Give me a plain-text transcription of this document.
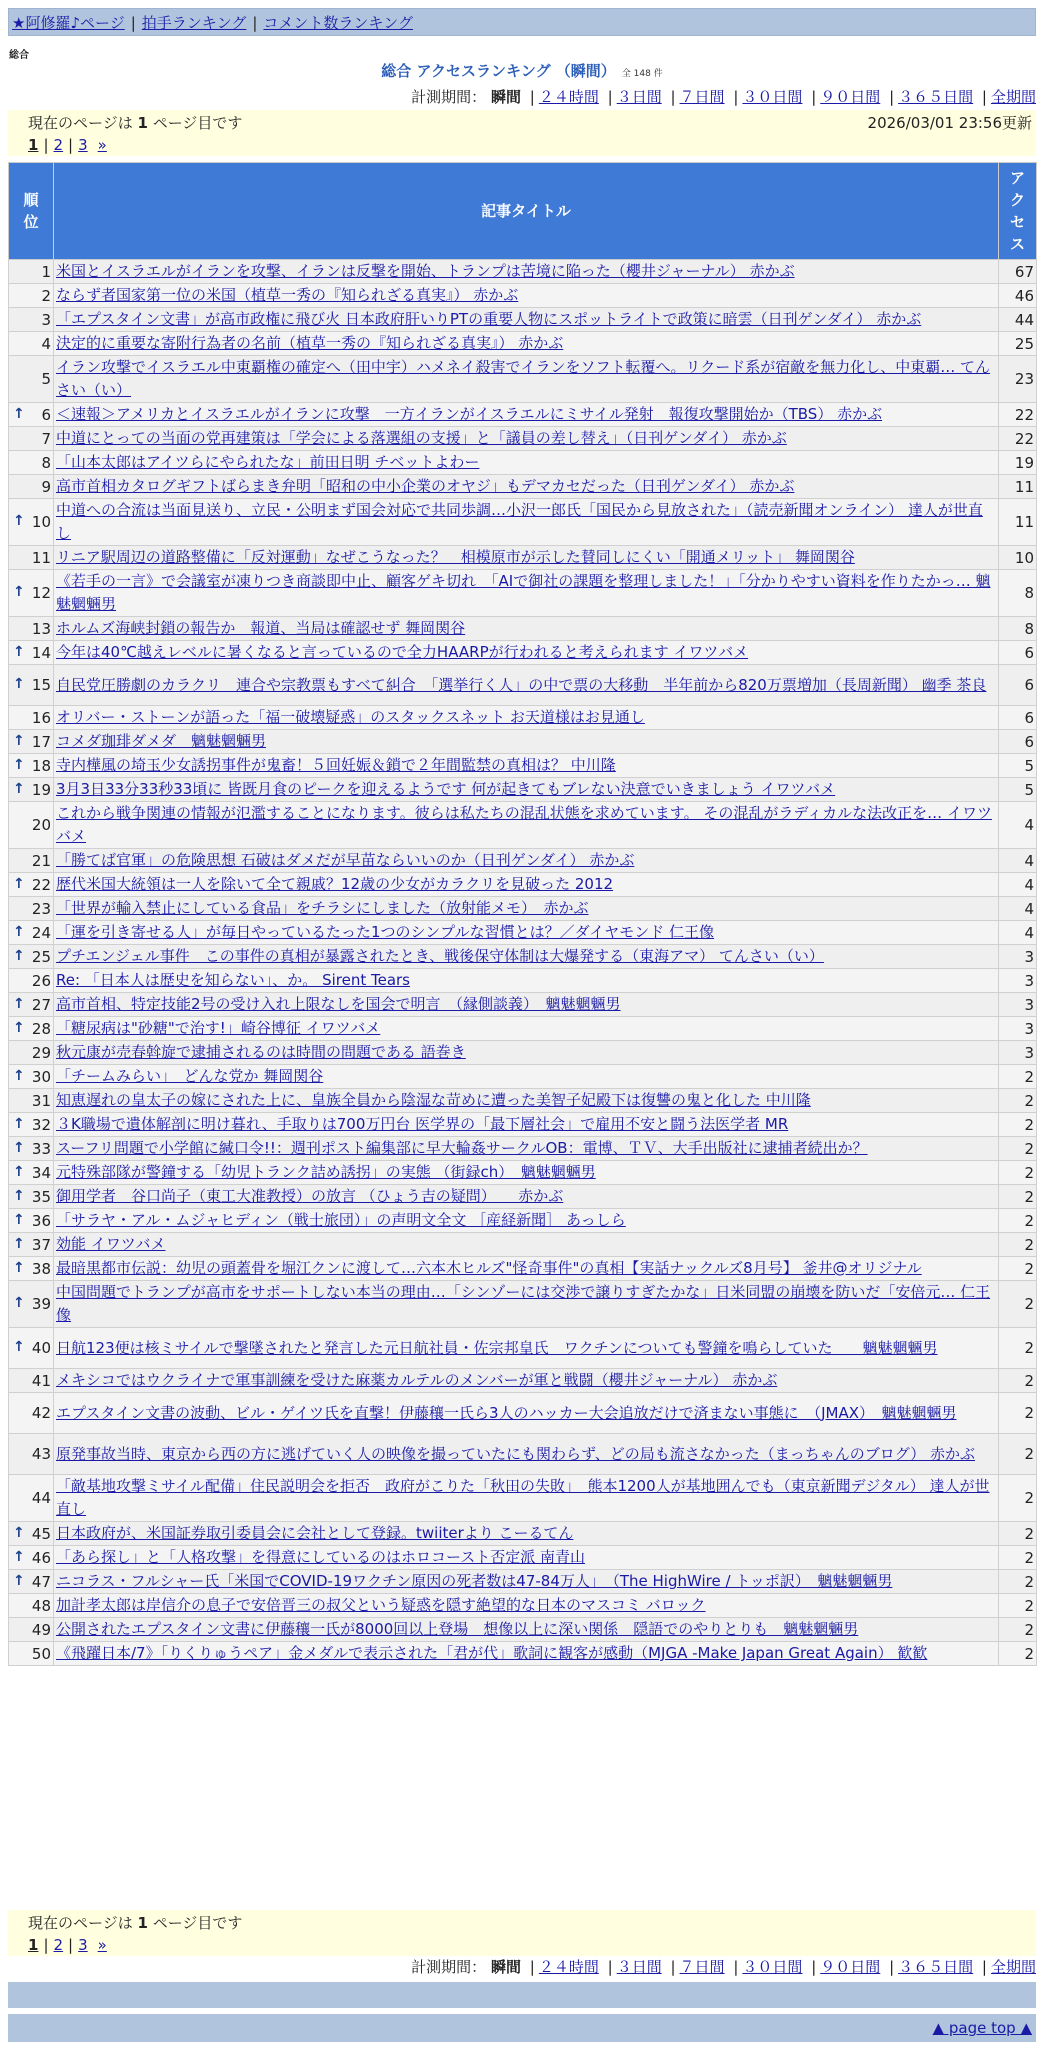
★阿修羅♪ページ | 拍手ランキング | コメント数ランキング
総合
総合 アクセスランキング （瞬間） 全 148 件
計測期間： 瞬間 | ２４時間 | ３日間 | ７日間 | ３０日間 | ９０日間 | ３６５日間 | 全期間
現在のページは 1 ページ目です	2026/03/01 23:56更新
1 | 2 | 3 »
順位	記事タイトル	アクセス
1	米国とイスラエルがイランを攻撃、イランは反撃を開始、トランプは苦境に陥った（櫻井ジャーナル） 赤かぶ	67
2	ならず者国家第一位の米国（植草一秀の『知られざる真実』） 赤かぶ	46
3	「エプスタイン文書」が高市政権に飛び火 日本政府肝いりPTの重要人物にスポットライトで政策に暗雲（日刊ゲンダイ） 赤かぶ	44
4	決定的に重要な寄附行為者の名前（植草一秀の『知られざる真実』） 赤かぶ	25
5	イラン攻撃でイスラエル中東覇権の確定へ（田中宇）ハメネイ殺害でイランをソフト転覆へ。リクード系が宿敵を無力化し、中東覇… てんさい（い）	23

↑ 6	＜速報＞アメリカとイスラエルがイランに攻撃　一方イランがイスラエルにミサイル発射　報復攻撃開始か（TBS） 赤かぶ	22
7	中道にとっての当面の党再建策は「学会による落選組の支援」と「議員の差し替え」（日刊ゲンダイ） 赤かぶ	22
8	「山本太郎はアイツらにやられたな」前田日明 チベットよわー	19
9	高市首相カタログギフトばらまき弁明「昭和の中小企業のオヤジ」もデマカセだった（日刊ゲンダイ） 赤かぶ	11

↑ 10	中道への合流は当面見送り、立民・公明まず国会対応で共同歩調…小沢一郎氏「国民から見放された」（読売新聞オンライン） 達人が世直し	11
11	リニア駅周辺の道路整備に「反対運動」なぜこうなった？　相模原市が示した賛同しにくい「開通メリット」 舞岡関谷	10

↑ 12	《若手の一言》で会議室が凍りつき商談即中止、顧客ゲキ切れ　「AIで御社の課題を整理しました！」「分かりやすい資料を作りたかっ… 魑魅魍魎男	8
13	ホルムズ海峡封鎖の報告か　報道、当局は確認せず 舞岡関谷	8

↑ 14	今年は40℃越えレベルに暑くなると言っているので全力HAARPが行われると考えられます イワツバメ	6

↑ 15	自民党圧勝劇のカラクリ　連合や宗教票もすべて糾合　「選挙行く人」の中で票の大移動　半年前から820万票増加（長周新聞） 幽季 茶良	6
16	オリバー・ストーンが語った「福一破壊疑惑」のスタックスネット お天道様はお見通し	6

↑ 17	コメダ珈琲ダメダ　魑魅魍魎男	6

↑ 18	寺内樺風の埼玉少女誘拐事件が鬼畜！５回妊娠＆鎖で２年間監禁の真相は？ 中川隆	5

↑ 19	3月3日33分33秒33頃に 皆既月食のピークを迎えるようです 何が起きてもブレない決意でいきましょう イワツバメ	5
20	これから戦争関連の情報が氾濫することになります。彼らは私たちの混乱状態を求めています。 その混乱がラディカルな法改正を… イワツバメ	4
21	「勝てば官軍」の危険思想 石破はダメだが早苗ならいいのか（日刊ゲンダイ） 赤かぶ	4

↑ 22	歴代米国大統領は一人を除いて全て親戚？12歳の少女がカラクリを見破った 2012	4
23	「世界が輸入禁止にしている食品」をチラシにしました（放射能メモ）　赤かぶ	4

↑ 24	「運を引き寄せる人」が毎日やっているたった1つのシンプルな習慣とは？／ダイヤモンド 仁王像	4

↑ 25	プチエンジェル事件　この事件の真相が暴露されたとき、戦後保守体制は大爆発する（東海アマ） てんさい（い）	3
26	Re: 「日本人は歴史を知らない」、か。 Sirent Tears	3

↑ 27	高市首相、特定技能2号の受け入れ上限なしを国会で明言　（縁側談義）　魑魅魍魎男	3

↑ 28	「糖尿病は"砂糖"で治す!」崎谷博征 イワツバメ	3
29	秋元康が売春斡旋で逮捕されるのは時間の問題である 語巻き	3

↑ 30	「チームみらい」　どんな党か 舞岡関谷	2
31	知恵遅れの皇太子の嫁にされた上に、皇族全員から陰湿な苛めに遭った美智子妃殿下は復讐の鬼と化した 中川隆	2

↑ 32	３K職場で遺体解剖に明け暮れ、手取りは700万円台 医学界の「最下層社会」で雇用不安と闘う法医学者 MR	2

↑ 33	スーフリ問題で小学館に緘口令!!：週刊ポスト編集部に早大輪姦サークルOB：電博、ＴＶ、大手出版社に逮捕者続出か？	2

↑ 34	元特殊部隊が警鐘する「幼児トランク詰め誘拐」の実態 （街録ch）　魑魅魍魎男	2

↑ 35	御用学者　谷口尚子（東工大准教授）の放言 （ひょう吉の疑問）　　赤かぶ	2

↑ 36	「サラヤ・アル・ムジャヒディン（戦士旅団）」の声明文全文 ［産経新聞］ あっしら	2

↑ 37	効能 イワツバメ	2

↑ 38	最暗黒都市伝説：幼児の頭蓋骨を堀江クンに渡して…六本木ヒルズ"怪奇事件"の真相【実話ナックルズ8月号】 釜井@オリジナル	2

↑ 39	中国問題でトランプが高市をサポートしない本当の理由…「シンゾーには交渉で譲りすぎたかな」日米同盟の崩壊を防いだ「安倍元… 仁王像	2

↑ 40	日航123便は核ミサイルで撃墜されたと発言した元日航社員・佐宗邦皇氏　ワクチンについても警鐘を鳴らしていた　　魑魅魍魎男	2
41	メキシコではウクライナで軍事訓練を受けた麻薬カルテルのメンバーが軍と戦闘（櫻井ジャーナル） 赤かぶ	2
42	エプスタイン文書の波動、ビル・ゲイツ氏を直撃！伊藤穰一氏ら3人のハッカー大会追放だけで済まない事態に　（JMAX）　魑魅魍魎男	2
43	原発事故当時、東京から西の方に逃げていく人の映像を撮っていたにも関わらず、どの局も流さなかった（まっちゃんのブログ） 赤かぶ	2
44	「敵基地攻撃ミサイル配備」住民説明会を拒否　政府がこりた「秋田の失敗」　熊本1200人が基地囲んでも（東京新聞デジタル） 達人が世直し	2

↑ 45	日本政府が、米国証券取引委員会に会社として登録。twiiterより こーるてん	2

↑ 46	「あら探し」と「人格攻撃」を得意にしているのはホロコースト否定派 南青山	2

↑ 47	ニコラス・フルシャー氏「米国でCOVID-19ワクチン原因の死者数は47-84万人」　（The HighWire / トッポ訳）　魑魅魍魎男	2
48	加計孝太郎は岸信介の息子で安倍晋三の叔父という疑惑を隠す絶望的な日本のマスコミ バロック	2
49	公開されたエプスタイン文書に伊藤穰一氏が8000回以上登場　想像以上に深い関係　隠語でのやりとりも　魑魅魍魎男	2
50	《飛躍日本/7》「りくりゅうペア」金メダルで表示された「君が代」歌詞に観客が感動（MJGA -Make Japan Great Again） 歓歓	2
現在のページは 1 ページ目です
1 | 2 | 3 »
計測期間： 瞬間 | ２４時間 | ３日間 | ７日間 | ３０日間 | ９０日間 | ３６５日間 | 全期間
▲ page top ▲
